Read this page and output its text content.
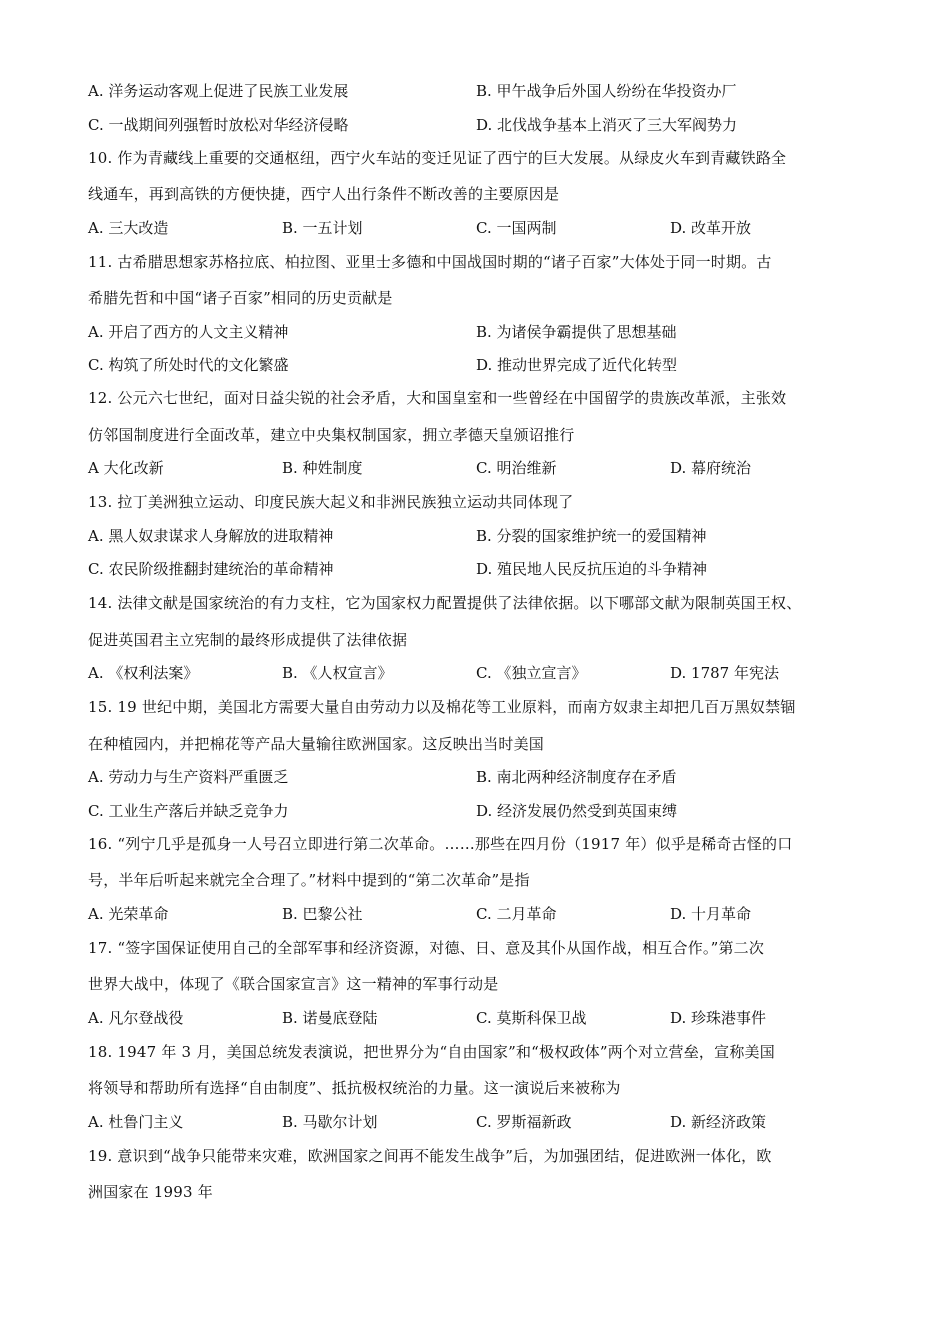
A. 洋务运动客观上促进了民族工业发展	B. 甲午战争后外国人纷纷在华投资办厂
C. 一战期间列强暂时放松对华经济侵略	D. 北伐战争基本上消灭了三大军阀势力
10. 作为青藏线上重要的交通枢纽，西宁火车站的变迁见证了西宁的巨大发展。从绿皮火车到青藏铁路全
线通车，再到高铁的方便快捷，西宁人出行条件不断改善的主要原因是
A. 三大改造	B. 一五计划	C. 一国两制	D. 改革开放
11. 古希腊思想家苏格拉底、柏拉图、亚里士多德和中国战国时期的“诸子百家”大体处于同一时期。古
希腊先哲和中国“诸子百家”相同的历史贡献是
A. 开启了西方的人文主义精神	B. 为诸侯争霸提供了思想基础
C. 构筑了所处时代的文化繁盛	D. 推动世界完成了近代化转型
12. 公元六七世纪，面对日益尖锐的社会矛盾，大和国皇室和一些曾经在中国留学的贵族改革派，主张效
仿邻国制度进行全面改革，建立中央集权制国家，拥立孝德天皇颁诏推行
A 大化改新	B. 种姓制度	C. 明治维新	D. 幕府统治
13. 拉丁美洲独立运动、印度民族大起义和非洲民族独立运动共同体现了
A. 黑人奴隶谋求人身解放的进取精神	B. 分裂的国家维护统一的爱国精神
C. 农民阶级推翻封建统治的革命精神	D. 殖民地人民反抗压迫的斗争精神
14. 法律文献是国家统治的有力支柱，它为国家权力配置提供了法律依据。以下哪部文献为限制英国王权、
促进英国君主立宪制的最终形成提供了法律依据
A. 《权利法案》	B. 《人权宣言》	C. 《独立宣言》	D. 1787 年宪法
15. 19 世纪中期，美国北方需要大量自由劳动力以及棉花等工业原料，而南方奴隶主却把几百万黑奴禁锢
在种植园内，并把棉花等产品大量输往欧洲国家。这反映出当时美国
A. 劳动力与生产资料严重匮乏	B. 南北两种经济制度存在矛盾
C. 工业生产落后并缺乏竞争力	D. 经济发展仍然受到英国束缚
16. “列宁几乎是孤身一人号召立即进行第二次革命。……那些在四月份（1917 年）似乎是稀奇古怪的口
号，半年后听起来就完全合理了。”材料中提到的“第二次革命”是指
A. 光荣革命	B. 巴黎公社	C. 二月革命	D. 十月革命
17. “签字国保证使用自己的全部军事和经济资源，对德、日、意及其仆从国作战，相互合作。”第二次
世界大战中，体现了《联合国家宣言》这一精神的军事行动是
A. 凡尔登战役	B. 诺曼底登陆	C. 莫斯科保卫战	D. 珍珠港事件
18. 1947 年 3 月，美国总统发表演说，把世界分为“自由国家”和“极权政体”两个对立营垒，宣称美国
将领导和帮助所有选择“自由制度”、抵抗极权统治的力量。这一演说后来被称为
A. 杜鲁门主义	B. 马歇尔计划	C. 罗斯福新政	D. 新经济政策
19. 意识到“战争只能带来灾难，欧洲国家之间再不能发生战争”后，为加强团结，促进欧洲一体化，欧
洲国家在 1993 年
